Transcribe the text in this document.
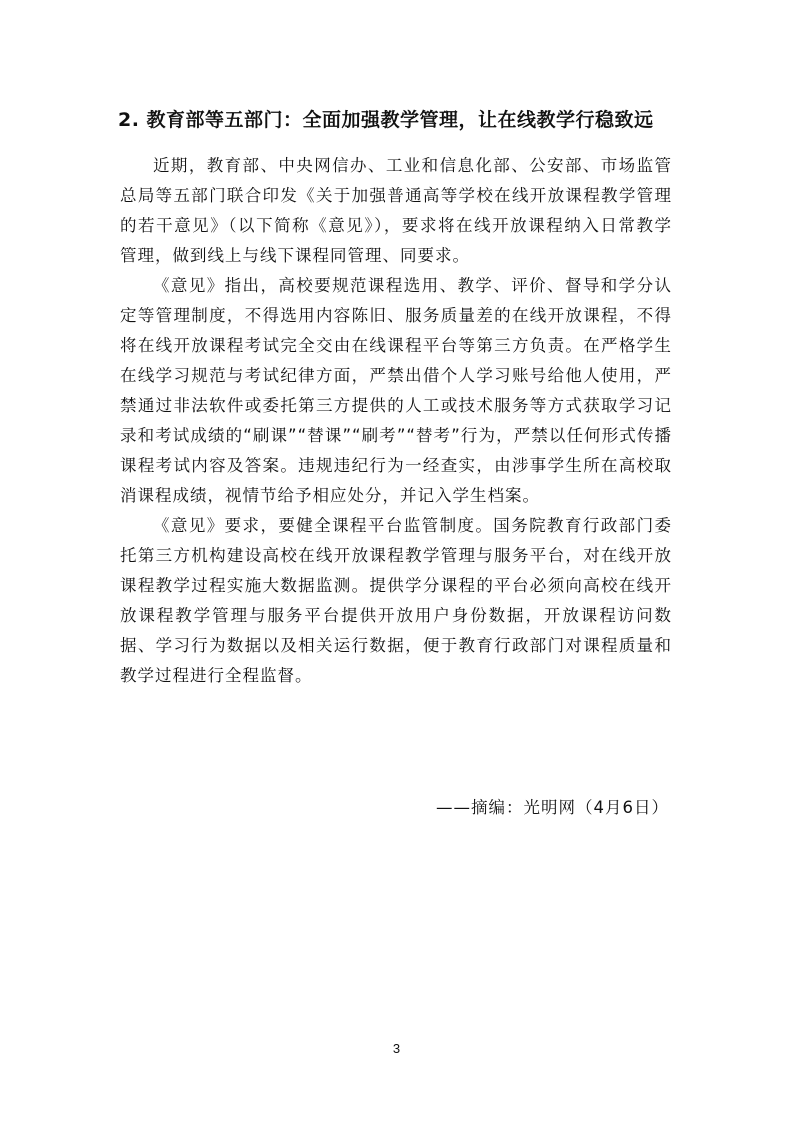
2. 教育部等五部门：全面加强教学管理，让在线教学行稳致远

近期，教育部、中央网信办、工业和信息化部、公安部、市场监管总局等五部门联合印发《关于加强普通高等学校在线开放课程教学管理的若干意见》（以下简称《意见》），要求将在线开放课程纳入日常教学管理，做到线上与线下课程同管理、同要求。

《意见》指出，高校要规范课程选用、教学、评价、督导和学分认定等管理制度，不得选用内容陈旧、服务质量差的在线开放课程，不得将在线开放课程考试完全交由在线课程平台等第三方负责。在严格学生在线学习规范与考试纪律方面，严禁出借个人学习账号给他人使用，严禁通过非法软件或委托第三方提供的人工或技术服务等方式获取学习记录和考试成绩的“刷课”“替课”“刷考”“替考”行为，严禁以任何形式传播课程考试内容及答案。违规违纪行为一经查实，由涉事学生所在高校取消课程成绩，视情节给予相应处分，并记入学生档案。

《意见》要求，要健全课程平台监管制度。国务院教育行政部门委托第三方机构建设高校在线开放课程教学管理与服务平台，对在线开放课程教学过程实施大数据监测。提供学分课程的平台必须向高校在线开放课程教学管理与服务平台提供开放用户身份数据，开放课程访问数据、学习行为数据以及相关运行数据，便于教育行政部门对课程质量和教学过程进行全程监督。

——摘编：光明网（4月6日）

3
